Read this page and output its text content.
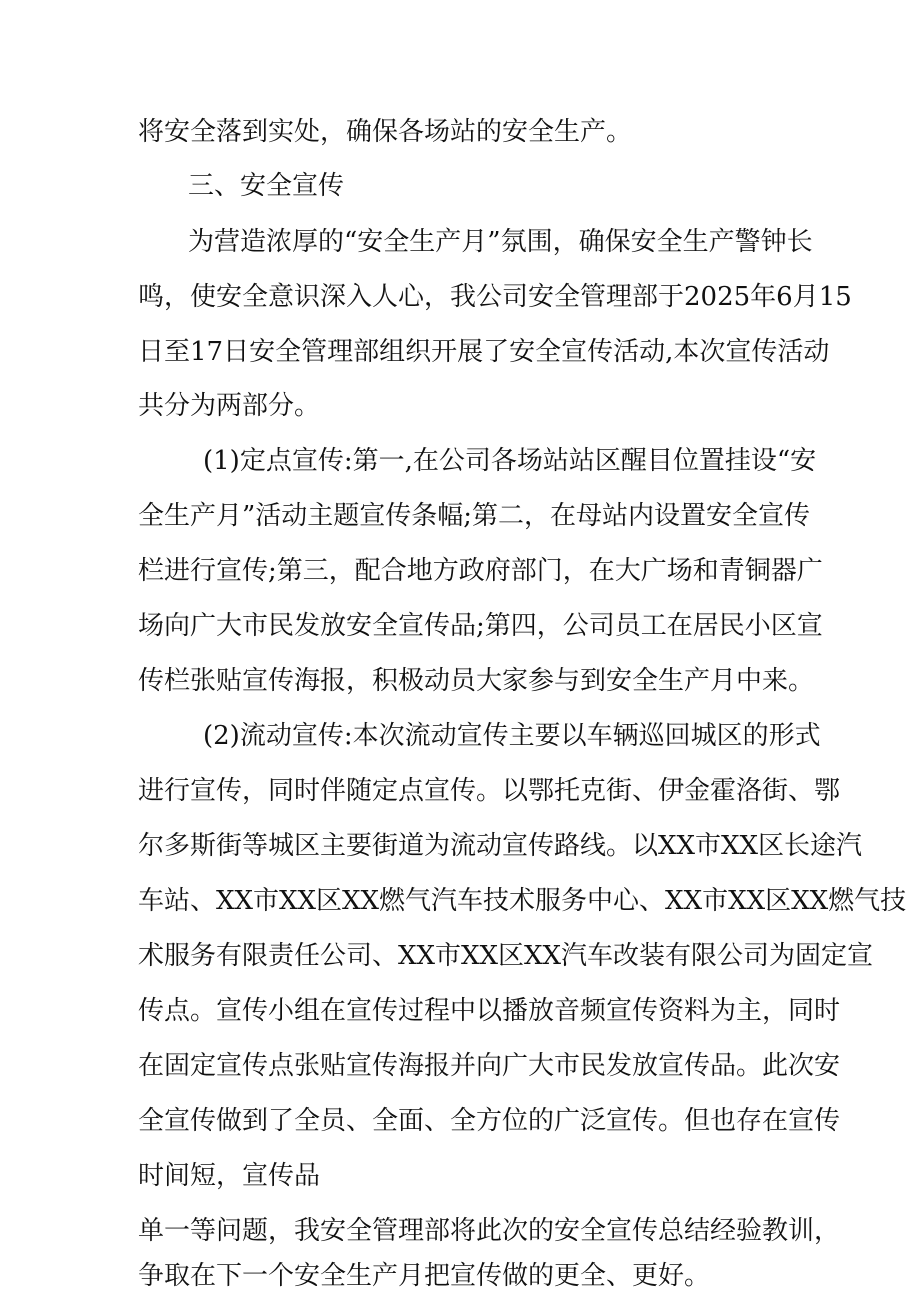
将安全落到实处，确保各场站的安全生产。
三、安全宣传
为营造浓厚的“安全生产月”氛围，确保安全生产警钟长
鸣，使安全意识深入人心，我公司安全管理部于2025年6月15
日至17日安全管理部组织开展了安全宣传活动,本次宣传活动
共分为两部分。
(1)定点宣传:第一,在公司各场站站区醒目位置挂设“安
全生产月”活动主题宣传条幅;第二，在母站内设置安全宣传
栏进行宣传;第三，配合地方政府部门，在大广场和青铜器广
场向广大市民发放安全宣传品;第四，公司员工在居民小区宣
传栏张贴宣传海报，积极动员大家参与到安全生产月中来。
(2)流动宣传:本次流动宣传主要以车辆巡回城区的形式
进行宣传，同时伴随定点宣传。以鄂托克街、伊金霍洛街、鄂
尔多斯街等城区主要街道为流动宣传路线。以XX市XX区长途汽
车站、XX市XX区XX燃气汽车技术服务中心、XX市XX区XX燃气技
术服务有限责任公司、XX市XX区XX汽车改装有限公司为固定宣
传点。宣传小组在宣传过程中以播放音频宣传资料为主，同时
在固定宣传点张贴宣传海报并向广大市民发放宣传品。此次安
全宣传做到了全员、全面、全方位的广泛宣传。但也存在宣传
时间短，宣传品
单一等问题，我安全管理部将此次的安全宣传总结经验教训，
争取在下一个安全生产月把宣传做的更全、更好。
